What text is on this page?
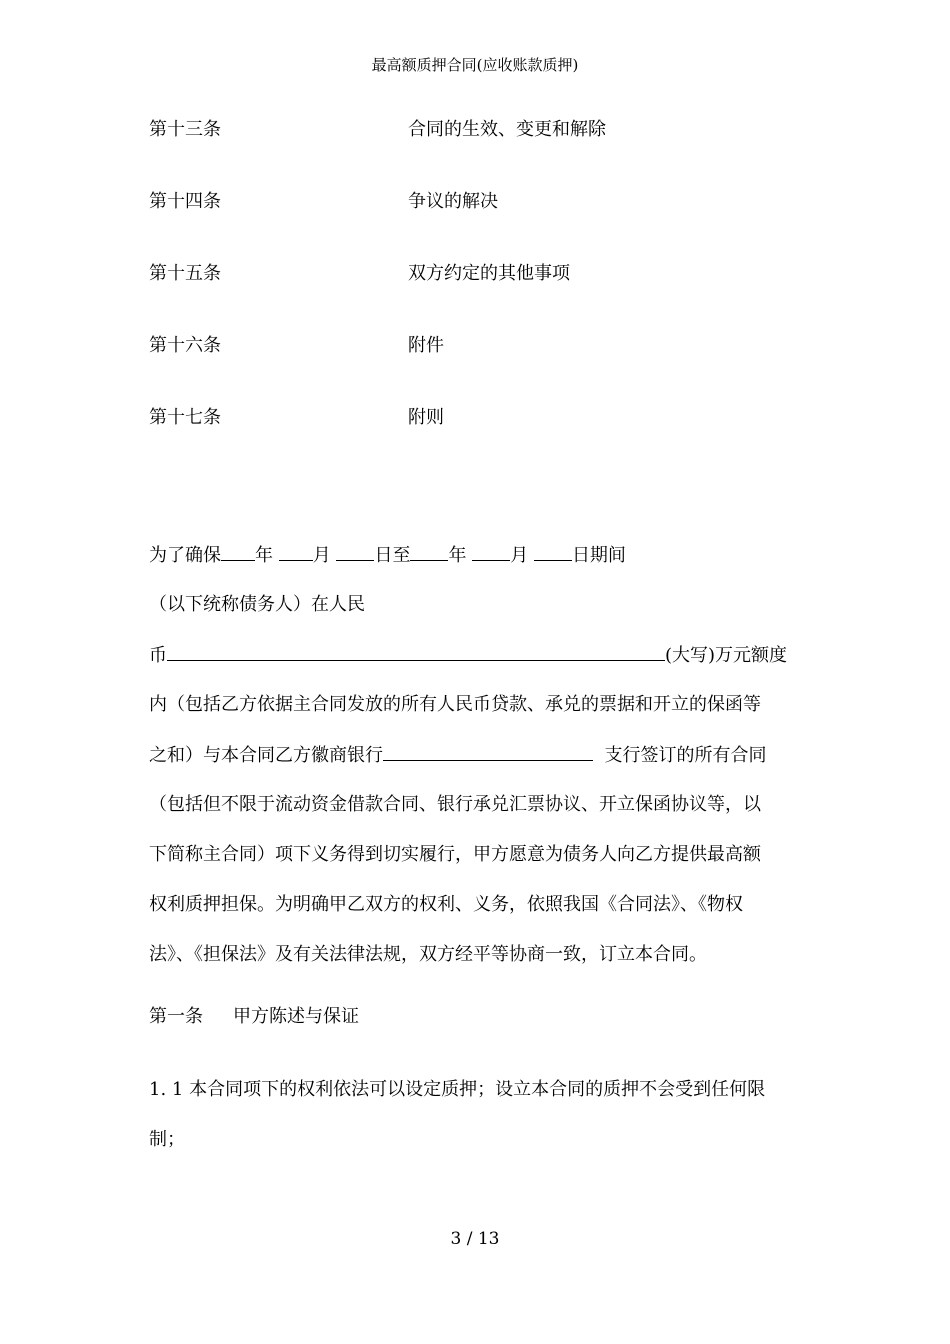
最高额质押合同(应收账款质押)
第十三条	合同的生效、变更和解除
第十四条	争议的解决
第十五条	双方约定的其他事项
第十六条	附件
第十七条	附则
为了确保 年 月 日至 年 月 日期间
（以下统称债务人）在人民
币	(大写)万元额度
内（包括乙方依据主合同发放的所有人民币贷款、承兑的票据和开立的保函等
之和）与本合同乙方徽商银行	支行签订的所有合同
（包括但不限于流动资金借款合同、银行承兑汇票协议、开立保函协议等，以
下简称主合同）项下义务得到切实履行，甲方愿意为债务人向乙方提供最高额
权利质押担保。为明确甲乙双方的权利、义务，依照我国《合同法》、《物权
法》、《担保法》及有关法律法规，双方经平等协商一致，订立本合同。
第一条 甲方陈述与保证
1. 1 本合同项下的权利依法可以设定质押；设立本合同的质押不会受到任何限
制；
3 / 13
